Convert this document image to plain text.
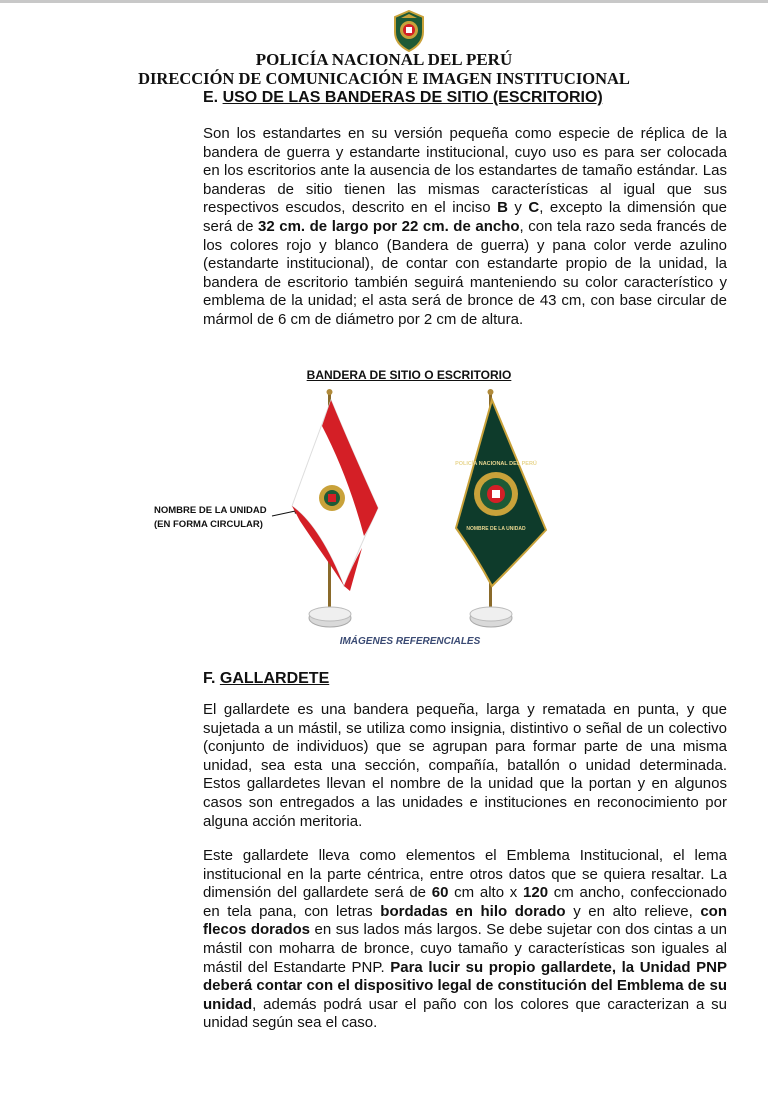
POLICÍA NACIONAL DEL PERÚ
DIRECCIÓN DE COMUNICACIÓN E IMAGEN INSTITUCIONAL
E. USO DE LAS BANDERAS DE SITIO (ESCRITORIO)

Son los estandartes en su versión pequeña como especie de réplica de la bandera de guerra y estandarte institucional, cuyo uso es para ser colocada en los escritorios ante la ausencia de los estandartes de tamaño estándar. Las banderas de sitio tienen las mismas características al igual que sus respectivos escudos, descrito en el inciso B y C, excepto la dimensión que será de 32 cm. de largo por 22 cm. de ancho, con tela razo seda francés de los colores rojo y blanco (Bandera de guerra) y pana color verde azulino (estandarte institucional), de contar con estandarte propio de la unidad, la bandera de escritorio también seguirá manteniendo su color característico y emblema de la unidad; el asta será de bronce de 43 cm, con base circular de mármol de 6 cm de diámetro por 2 cm de altura.

BANDERA DE SITIO O ESCRITORIO
NOMBRE DE LA UNIDAD
(EN FORMA CIRCULAR)
POLICÍA NACIONAL DEL PERÚ
NOMBRE DE LA UNIDAD
IMÁGENES REFERENCIALES
F. GALLARDETE

El gallardete es una bandera pequeña, larga y rematada en punta, y que sujetada a un mástil, se utiliza como insignia, distintivo o señal de un colectivo (conjunto de individuos) que se agrupan para formar parte de una misma unidad, sea esta una sección, compañía, batallón o unidad determinada. Estos gallardetes llevan el nombre de la unidad que la portan y en algunos casos son entregados a las unidades e instituciones en reconocimiento por alguna acción meritoria.

Este gallardete lleva como elementos el Emblema Institucional, el lema institucional en la parte céntrica, entre otros datos que se quiera resaltar. La dimensión del gallardete será de 60 cm alto x 120 cm ancho, confeccionado en tela pana, con letras bordadas en hilo dorado y en alto relieve, con flecos dorados en sus lados más largos. Se debe sujetar con dos cintas a un mástil con moharra de bronce, cuyo tamaño y características son iguales al mástil del Estandarte PNP. Para lucir su propio gallardete, la Unidad PNP deberá contar con el dispositivo legal de constitución del Emblema de su unidad, además podrá usar el paño con los colores que caracterizan a su unidad según sea el caso.
